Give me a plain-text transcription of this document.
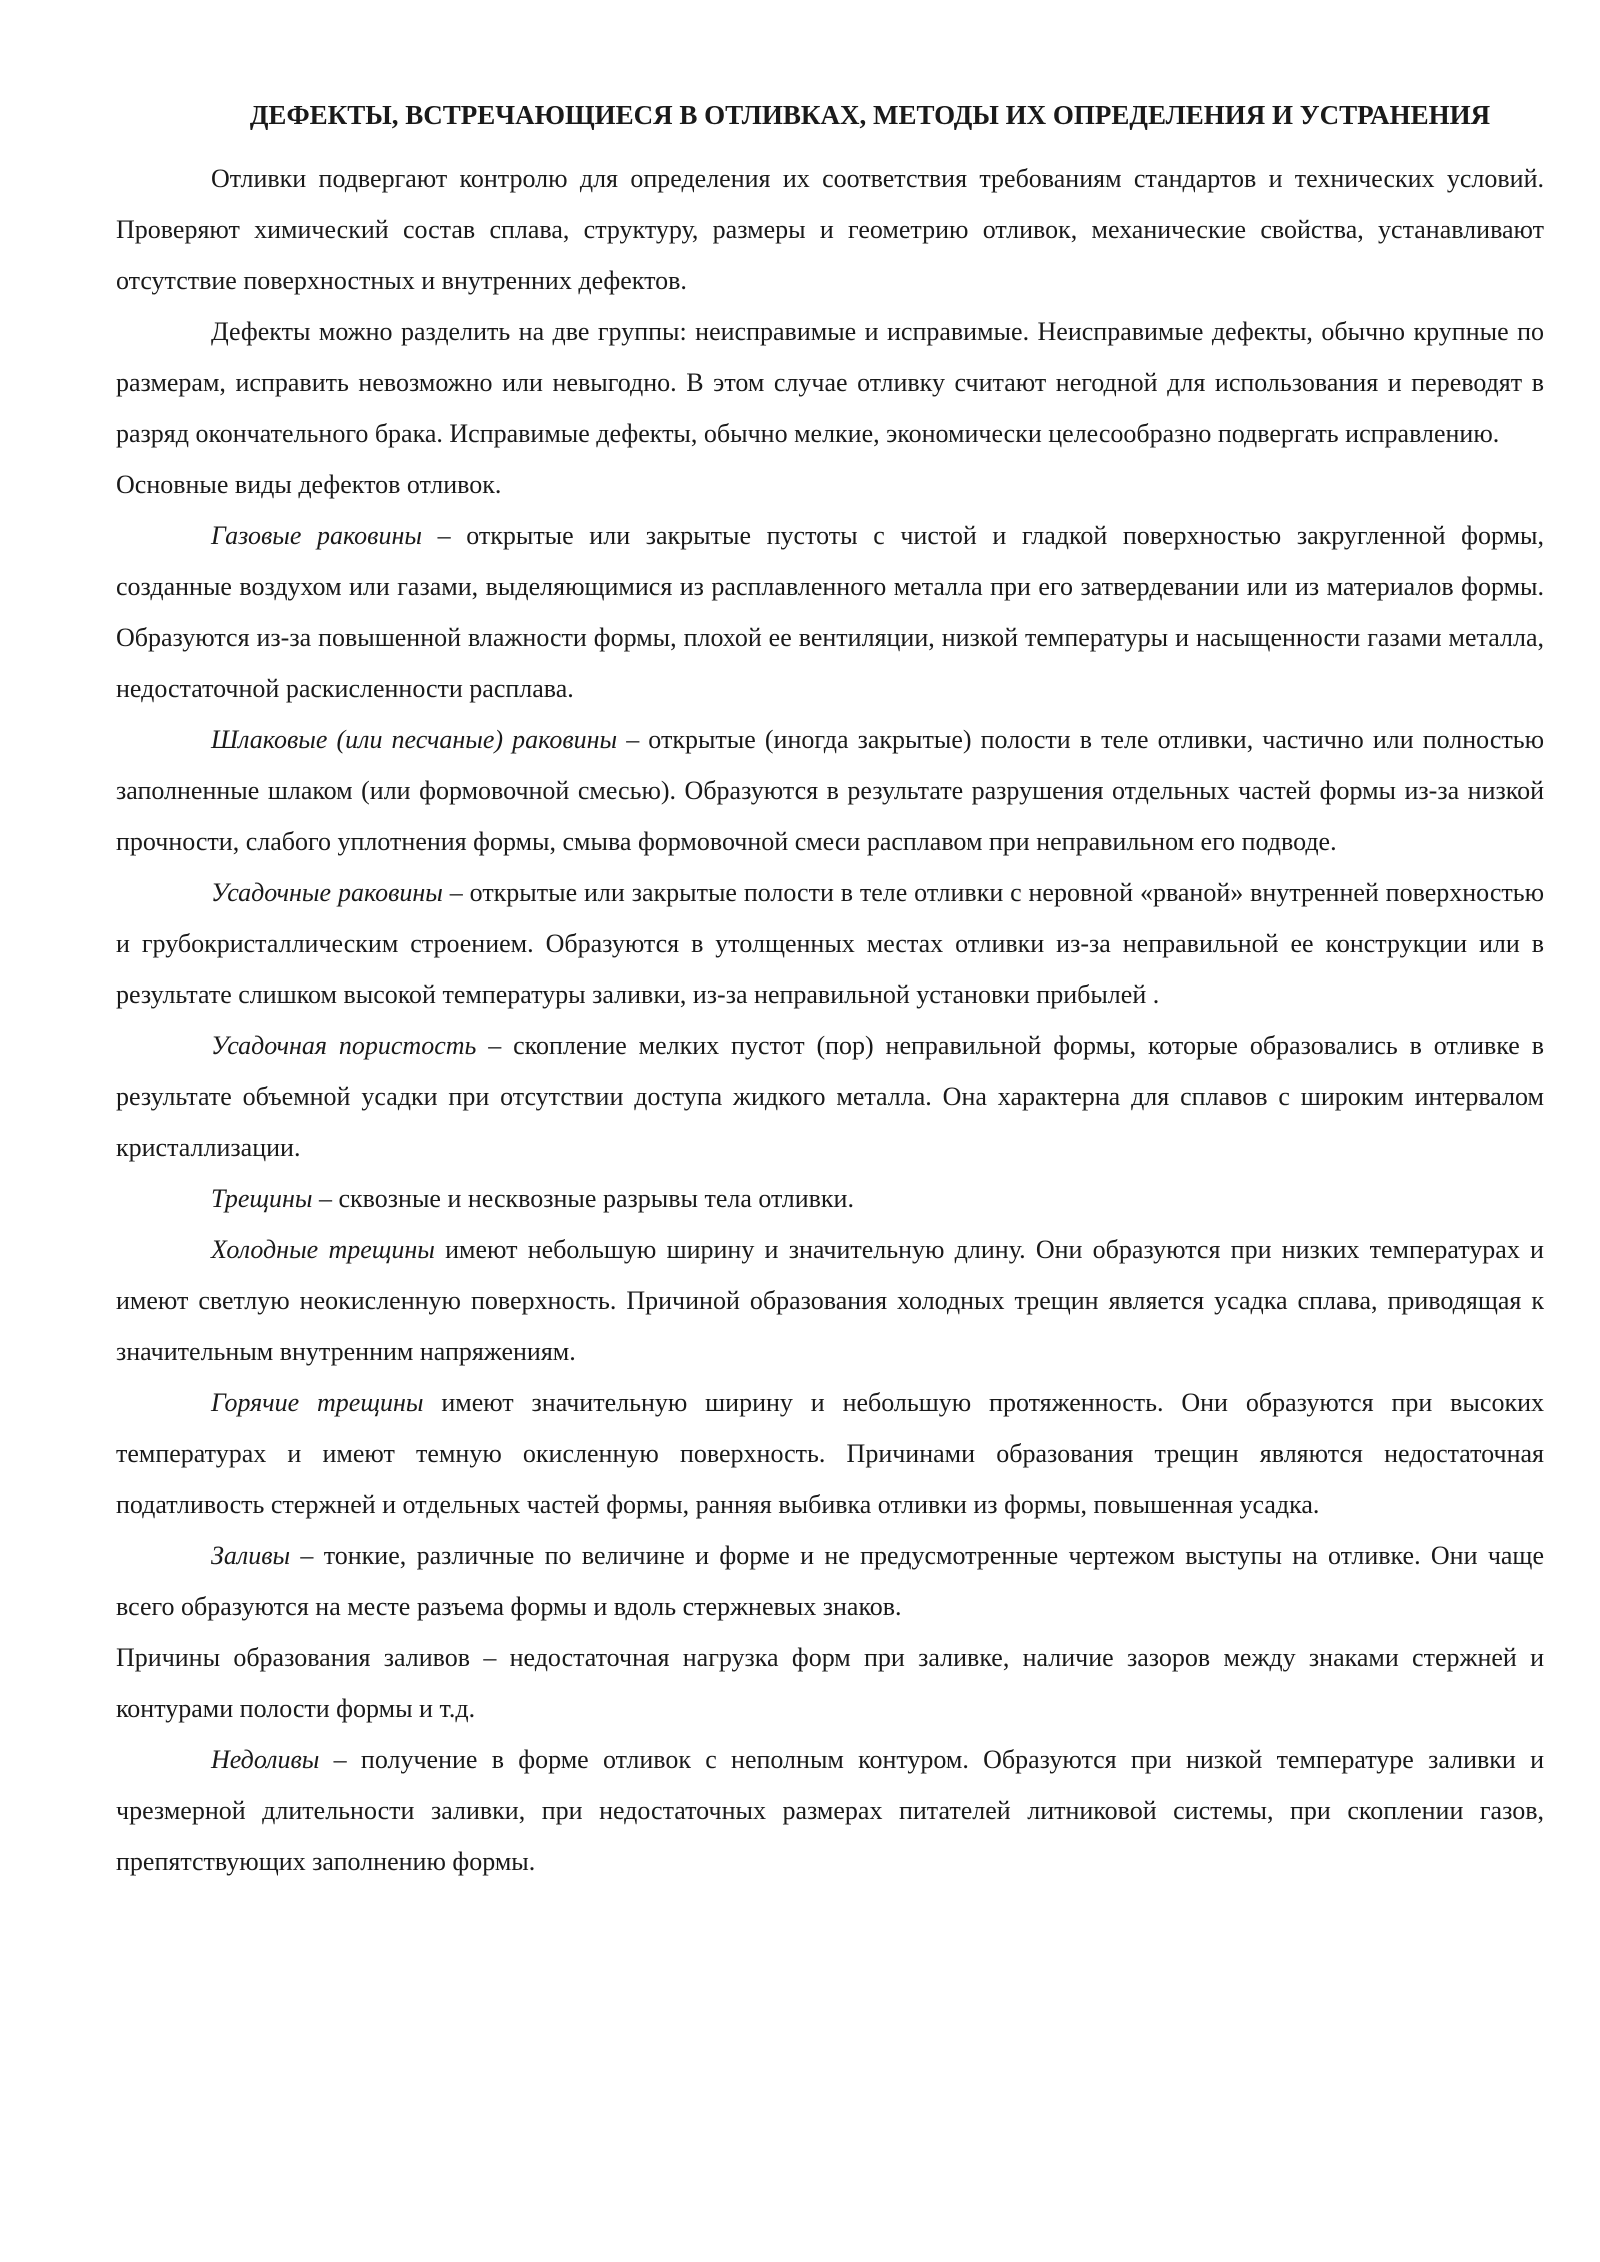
ДЕФЕКТЫ, ВСТРЕЧАЮЩИЕСЯ В ОТЛИВКАХ, МЕТОДЫ ИХ ОПРЕДЕЛЕНИЯ И УСТРАНЕНИЯ

Отливки подвергают контролю для определения их соответствия требованиям стандартов и технических условий. Проверяют химический состав сплава, структуру, размеры и геометрию отливок, механические свойства, устанавливают отсутствие поверхностных и внутренних дефектов.

Дефекты можно разделить на две группы: неисправимые и исправимые. Неисправимые дефекты, обычно крупные по размерам, исправить невозможно или невыгодно. В этом случае отливку считают негодной для использования и переводят в разряд окончательного брака. Исправимые дефекты, обычно мелкие, экономически целесообразно подвергать исправлению.

Основные виды дефектов отливок.

Газовые раковины – открытые или закрытые пустоты с чистой и гладкой поверхностью закругленной формы, созданные воздухом или газами, выделяющимися из расплавленного металла при его затвердевании или из материалов формы. Образуются из-за повышенной влажности формы, плохой ее вентиляции, низкой температуры и насыщенности газами металла, недостаточной раскисленности расплава.

Шлаковые (или песчаные) раковины – открытые (иногда закрытые) полости в теле отливки, частично или полностью заполненные шлаком (или формовочной смесью). Образуются в результате разрушения отдельных частей формы из-за низкой прочности, слабого уплотнения формы, смыва формовочной смеси расплавом при неправильном его подводе.

Усадочные раковины – открытые или закрытые полости в теле отливки с неровной «рваной» внутренней поверхностью и грубокристаллическим строением. Образуются в утолщенных местах отливки из-за неправильной ее конструкции или в результате слишком высокой температуры заливки, из-за неправильной установки прибылей .

Усадочная пористость – скопление мелких пустот (пор) неправильной формы, которые образовались в отливке в результате объемной усадки при отсутствии доступа жидкого металла. Она характерна для сплавов с широким интервалом кристаллизации.

Трещины – сквозные и несквозные разрывы тела отливки.

Холодные трещины имеют небольшую ширину и значительную длину. Они образуются при низких температурах и имеют светлую неокисленную поверхность. Причиной образования холодных трещин является усадка сплава, приводящая к значительным внутренним напряжениям.

Горячие трещины имеют значительную ширину и небольшую протяженность. Они образуются при высоких температурах и имеют темную окисленную поверхность. Причинами образования трещин являются недостаточная податливость стержней и отдельных частей формы, ранняя выбивка отливки из формы, повышенная усадка.

Заливы – тонкие, различные по величине и форме и не предусмотренные чертежом выступы на отливке. Они чаще всего образуются на месте разъема формы и вдоль стержневых знаков.

Причины образования заливов – недостаточная нагрузка форм при заливке, наличие зазоров между знаками стержней и контурами полости формы и т.д.

Недоливы – получение в форме отливок с неполным контуром. Образуются при низкой температуре заливки и чрезмерной длительности заливки, при недостаточных размерах питателей литниковой системы, при скоплении газов, препятствующих заполнению формы.
